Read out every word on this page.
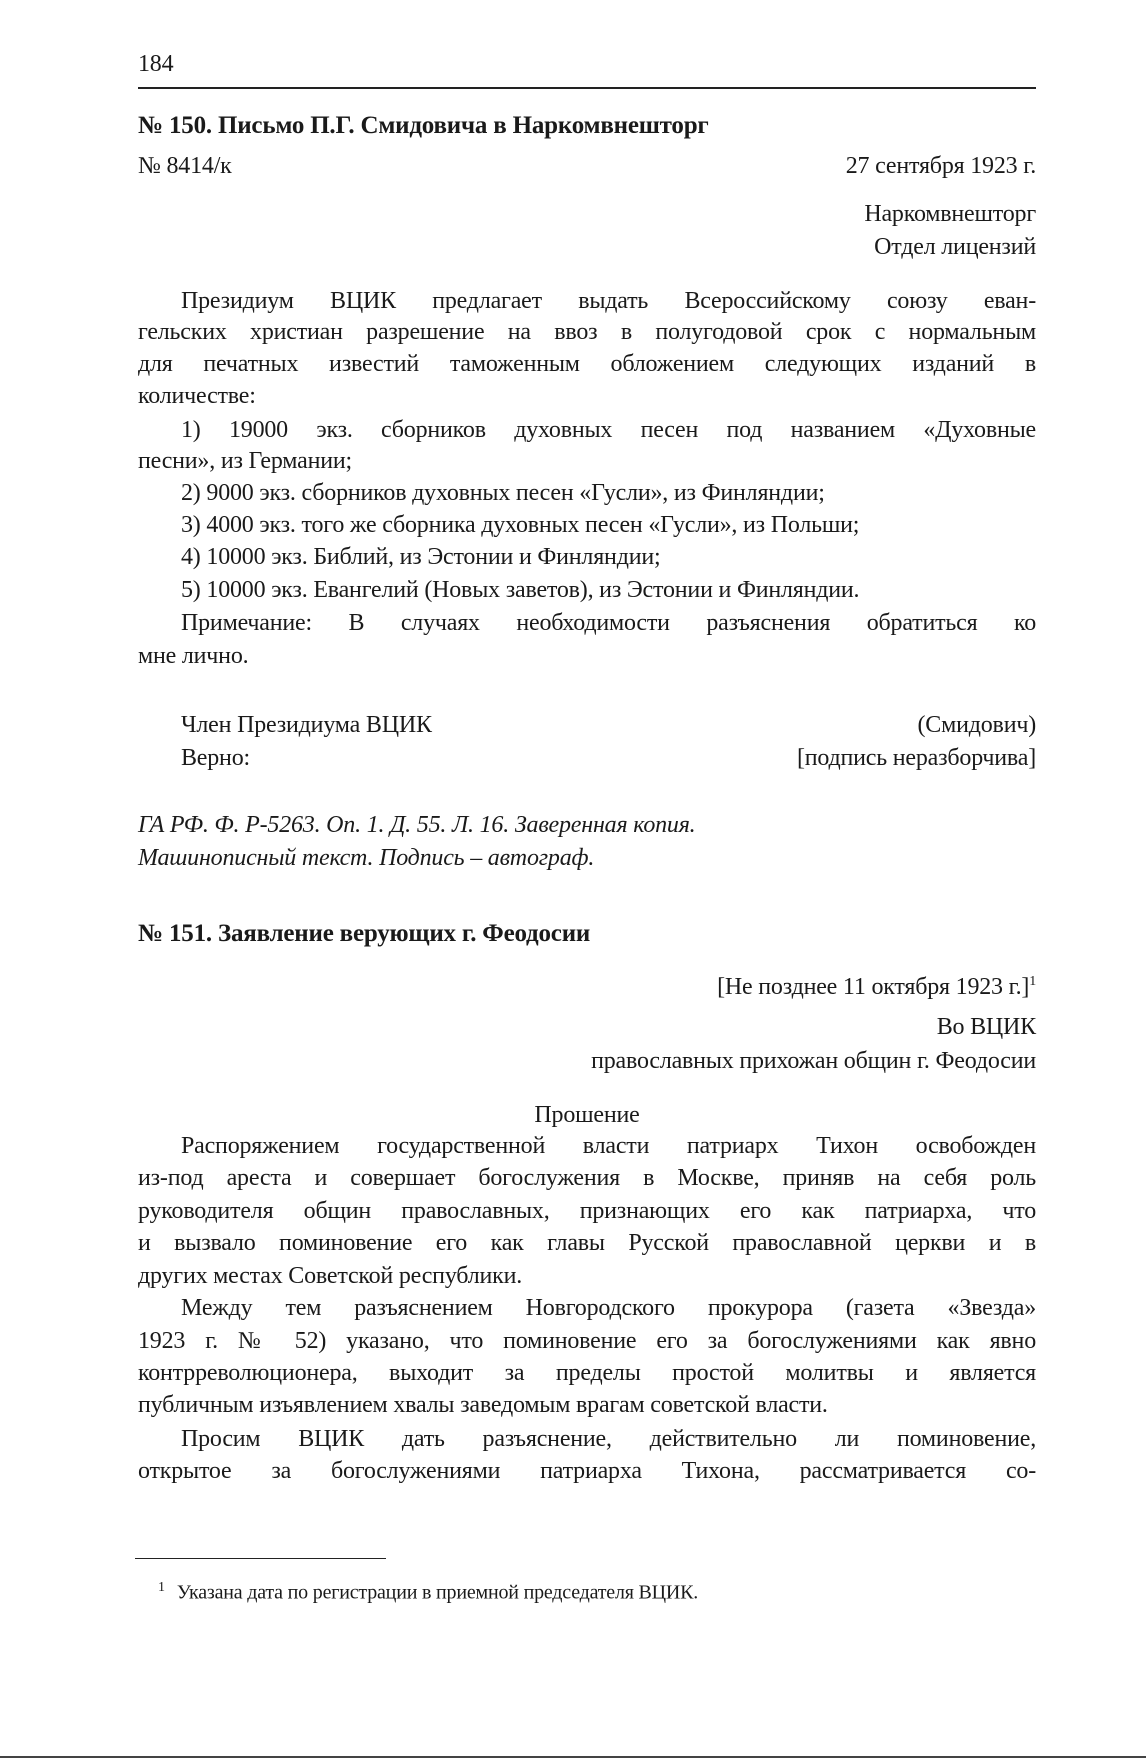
184
№ 150. Письмо П.Г. Смидовича в Наркомвнешторг
№ 8414/к	27 сентября 1923 г.
Наркомвнешторг
Отдел лицензий
Президиум ВЦИК предлагает выдать Всероссийскому союзу еван-
гельских христиан разрешение на ввоз в полугодовой срок с нормальным
для печатных известий таможенным обложением следующих изданий в
количестве:
1) 19000 экз. сборников духовных песен под названием «Духовные
песни», из Германии;
2) 9000 экз. сборников духовных песен «Гусли», из Финляндии;
3) 4000 экз. того же сборника духовных песен «Гусли», из Польши;
4) 10000 экз. Библий, из Эстонии и Финляндии;
5) 10000 экз. Евангелий (Новых заветов), из Эстонии и Финляндии.
Примечание: В случаях необходимости разъяснения обратиться ко
мне лично.
Член Президиума ВЦИК	(Смидович)
Верно:	[подпись неразборчива]
ГА РФ. Ф. Р-5263. Оп. 1. Д. 55. Л. 16. Заверенная копия.
Машинописный текст. Подпись – автограф.
№ 151. Заявление верующих г. Феодосии
[Не позднее 11 октября 1923 г.]$^1$
Во ВЦИК
православных прихожан общин г. Феодосии
Прошение
Распоряжением государственной власти патриарх Тихон освобожден
из-под ареста и совершает богослужения в Москве, приняв на себя роль
руководителя общин православных, признающих его как патриарха, что
и вызвало поминовение его как главы Русской православной церкви и в
других местах Советской республики.
Между тем разъяснением Новгородского прокурора (газета «Звезда»
1923 г. № 52) указано, что поминовение его за богослужениями как явно
контрреволюционера, выходит за пределы простой молитвы и является
публичным изъявлением хвалы заведомым врагам советской власти.
Просим ВЦИК дать разъяснение, действительно ли поминовение,
открытое за богослужениями патриарха Тихона, рассматривается со-
$^1$ Указана дата по регистрации в приемной председателя ВЦИК.
